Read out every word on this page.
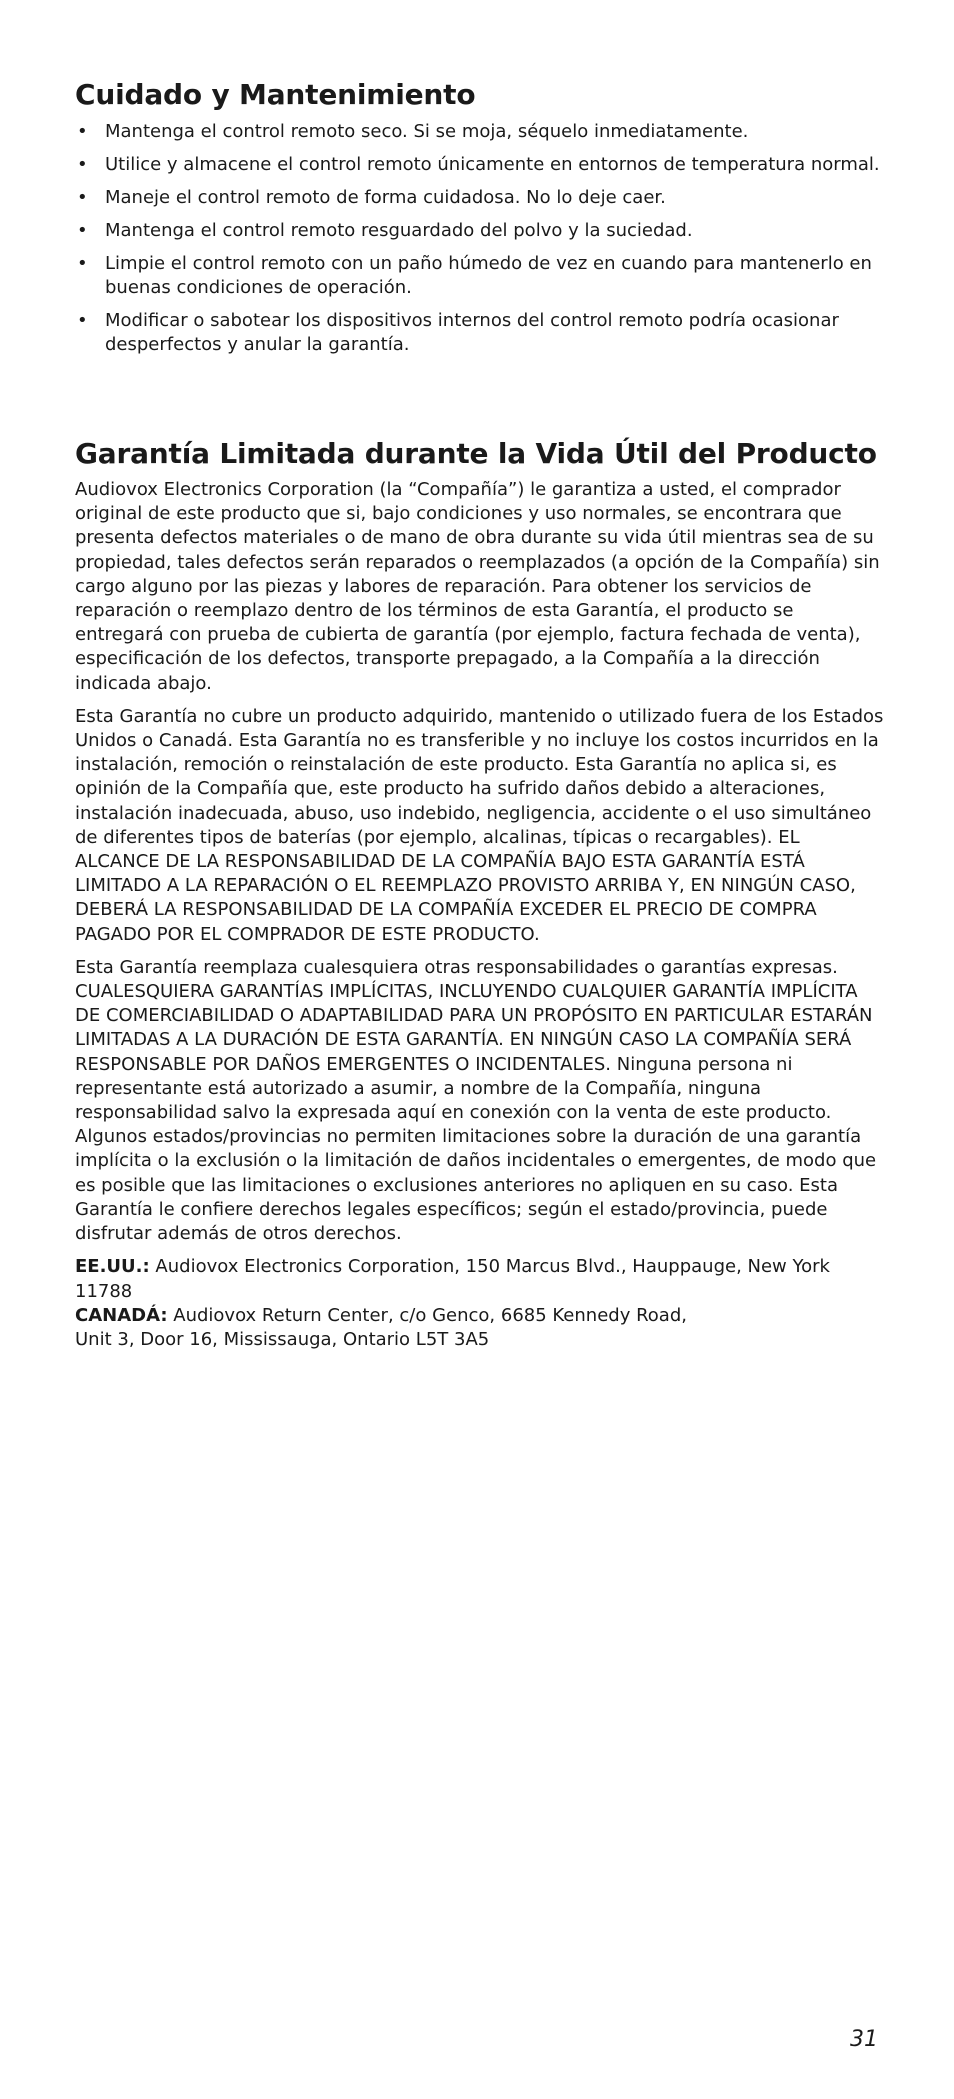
Cuidado y Mantenimiento
• Mantenga el control remoto seco. Si se moja, séquelo inmediatamente.
• Utilice y almacene el control remoto únicamente en entornos de temperatura normal.
• Maneje el control remoto de forma cuidadosa. No lo deje caer.
• Mantenga el control remoto resguardado del polvo y la suciedad.
• Limpie el control remoto con un paño húmedo de vez en cuando para mantenerlo en buenas condiciones de operación.
• Modificar o sabotear los dispositivos internos del control remoto podría ocasionar desperfectos y anular la garantía.
Garantía Limitada durante la Vida Útil del Producto

Audiovox Electronics Corporation (la “Compañía”) le garantiza a usted, el comprador original de este producto que si, bajo condiciones y uso normales, se encontrara que presenta defectos materiales o de mano de obra durante su vida útil mientras sea de su propiedad, tales defectos serán reparados o reemplazados (a opción de la Compañía) sin cargo alguno por las piezas y labores de reparación. Para obtener los servicios de reparación o reemplazo dentro de los términos de esta Garantía, el producto se entregará con prueba de cubierta de garantía (por ejemplo, factura fechada de venta), especificación de los defectos, transporte prepagado, a la Compañía a la dirección indicada abajo.

Esta Garantía no cubre un producto adquirido, mantenido o utilizado fuera de los Estados Unidos o Canadá. Esta Garantía no es transferible y no incluye los costos incurridos en la instalación, remoción o reinstalación de este producto. Esta Garantía no aplica si, es opinión de la Compañía que, este producto ha sufrido daños debido a alteraciones, instalación inadecuada, abuso, uso indebido, negligencia, accidente o el uso simultáneo de diferentes tipos de baterías (por ejemplo, alcalinas, típicas o recargables). EL ALCANCE DE LA RESPONSABILIDAD DE LA COMPAÑÍA BAJO ESTA GARANTÍA ESTÁ LIMITADO A LA REPARACIÓN O EL REEMPLAZO PROVISTO ARRIBA Y, EN NINGÚN CASO, DEBERÁ LA RESPONSABILIDAD DE LA COMPAÑÍA EXCEDER EL PRECIO DE COMPRA PAGADO POR EL COMPRADOR DE ESTE PRODUCTO.

Esta Garantía reemplaza cualesquiera otras responsabilidades o garantías expresas. CUALESQUIERA GARANTÍAS IMPLÍCITAS, INCLUYENDO CUALQUIER GARANTÍA IMPLÍCITA DE COMERCIABILIDAD O ADAPTABILIDAD PARA UN PROPÓSITO EN PARTICULAR ESTARÁN LIMITADAS A LA DURACIÓN DE ESTA GARANTÍA. EN NINGÚN CASO LA COMPAÑÍA SERÁ RESPONSABLE POR DAÑOS EMERGENTES O INCIDENTALES. Ninguna persona ni representante está autorizado a asumir, a nombre de la Compañía, ninguna responsabilidad salvo la expresada aquí en conexión con la venta de este producto. Algunos estados/provincias no permiten limitaciones sobre la duración de una garantía implícita o la exclusión o la limitación de daños incidentales o emergentes, de modo que es posible que las limitaciones o exclusiones anteriores no apliquen en su caso. Esta Garantía le confiere derechos legales específicos; según el estado/provincia, puede disfrutar además de otros derechos.

EE.UU.: Audiovox Electronics Corporation, 150 Marcus Blvd., Hauppauge, New York 11788
CANADÁ: Audiovox Return Center, c/o Genco, 6685 Kennedy Road,
Unit 3, Door 16, Mississauga, Ontario L5T 3A5
31
